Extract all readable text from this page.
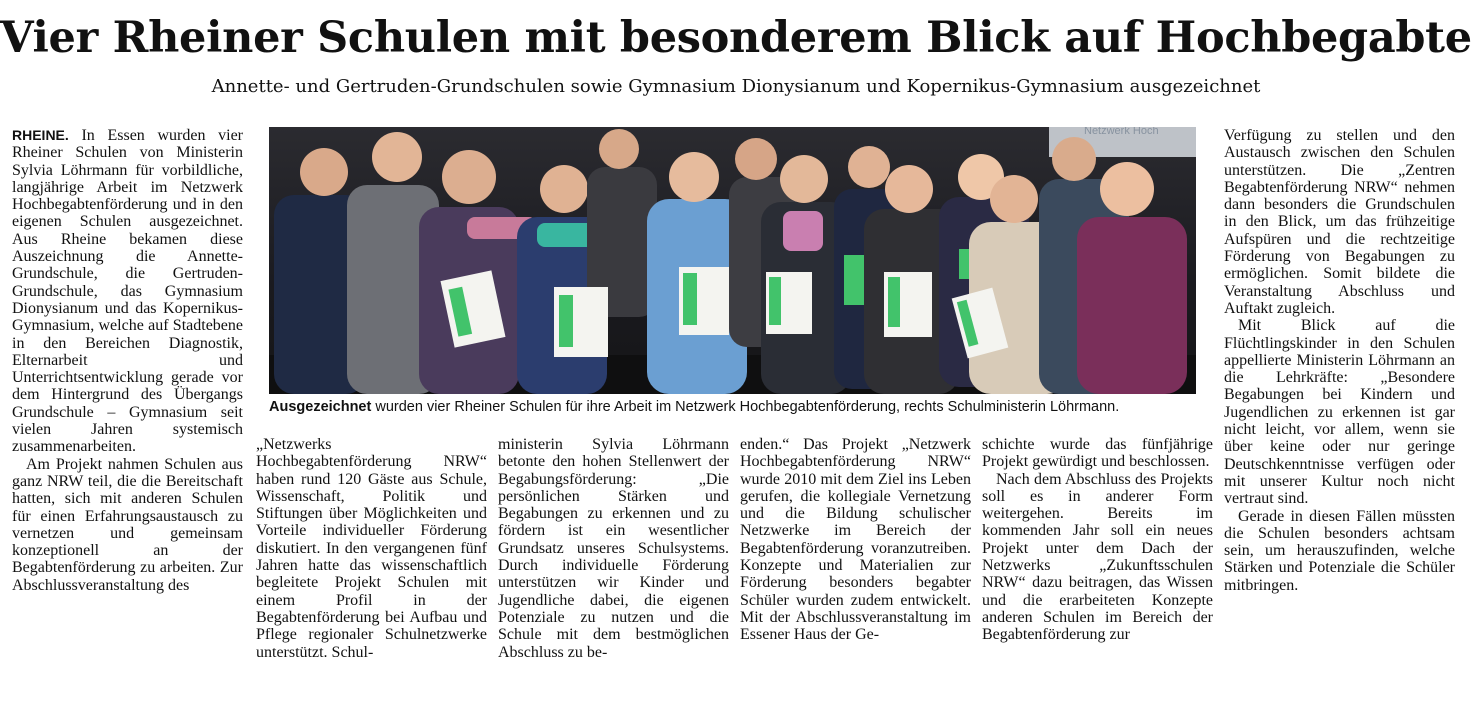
Vier Rheiner Schulen mit besonderem Blick auf Hochbegabte

Annette- und Gertruden-Grundschulen sowie Gymnasium Dionysianum und Kopernikus-Gymnasium ausgezeichnet

RHEINE. In Essen wurden vier Rheiner Schulen von Ministerin Sylvia Löhrmann für vorbildliche, langjährige Arbeit im Netzwerk Hochbegabtenförderung und in den eigenen Schulen ausgezeichnet. Aus Rheine bekamen diese Auszeichnung die Annette-Grundschule, die Gertruden-Grundschule, das Gymnasium Dionysianum und das Kopernikus-Gymnasium, welche auf Stadtebene in den Bereichen Diagnostik, Elternarbeit und Unterrichtsentwicklung gerade vor dem Hintergrund des Übergangs Grundschule – Gymnasium seit vielen Jahren systemisch zusammenarbeiten.

Am Projekt nahmen Schulen aus ganz NRW teil, die die Bereitschaft hatten, sich mit anderen Schulen für einen Erfahrungsaustausch zu vernetzen und gemeinsam konzeptionell an der Begabtenförderung zu arbeiten. Zur Abschlussveranstaltung des

Netzwerk Hoch
Ausgezeichnet wurden vier Rheiner Schulen für ihre Arbeit im Netzwerk Hochbegabtenförderung, rechts Schulministerin Löhrmann.

„Netzwerks Hochbegabtenförderung NRW“ haben rund 120 Gäste aus Schule, Wissenschaft, Politik und Stiftungen über Möglichkeiten und Vorteile individueller Förderung diskutiert. In den vergangenen fünf Jahren hatte das wissenschaftlich begleitete Projekt Schulen mit einem Profil in der Begabtenförderung bei Aufbau und Pflege regionaler Schulnetzwerke unterstützt. Schul-

ministerin Sylvia Löhrmann betonte den hohen Stellenwert der Begabungsförderung: „Die persönlichen Stärken und Begabungen zu erkennen und zu fördern ist ein wesentlicher Grundsatz unseres Schulsystems. Durch individuelle Förderung unterstützen wir Kinder und Jugendliche dabei, die eigenen Potenziale zu nutzen und die Schule mit dem bestmöglichen Abschluss zu be-

enden.“ Das Projekt „Netzwerk Hochbegabtenförderung NRW“ wurde 2010 mit dem Ziel ins Leben gerufen, die kollegiale Vernetzung und die Bildung schulischer Netzwerke im Bereich der Begabtenförderung voranzutreiben. Konzepte und Materialien zur Förderung besonders begabter Schüler wurden zudem entwickelt. Mit der Abschlussveranstaltung im Essener Haus der Ge-

schichte wurde das fünfjährige Projekt gewürdigt und beschlossen.

Nach dem Abschluss des Projekts soll es in anderer Form weitergehen. Bereits im kommenden Jahr soll ein neues Projekt unter dem Dach der Netzwerks „Zukunftsschulen NRW“ dazu beitragen, das Wissen und die erarbeiteten Konzepte anderen Schulen im Bereich der Begabtenförderung zur

Verfügung zu stellen und den Austausch zwischen den Schulen unterstützen. Die „Zentren Begabtenförderung NRW“ nehmen dann besonders die Grundschulen in den Blick, um das frühzeitige Aufspüren und die rechtzeitige Förderung von Begabungen zu ermöglichen. Somit bildete die Veranstaltung Abschluss und Auftakt zugleich.

Mit Blick auf die Flüchtlingskinder in den Schulen appellierte Ministerin Löhrmann an die Lehrkräfte: „Besondere Begabungen bei Kindern und Jugendlichen zu erkennen ist gar nicht leicht, vor allem, wenn sie über keine oder nur geringe Deutschkenntnisse verfügen oder mit unserer Kultur noch nicht vertraut sind.

Gerade in diesen Fällen müssten die Schulen besonders achtsam sein, um herauszufinden, welche Stärken und Potenziale die Schüler mitbringen.
